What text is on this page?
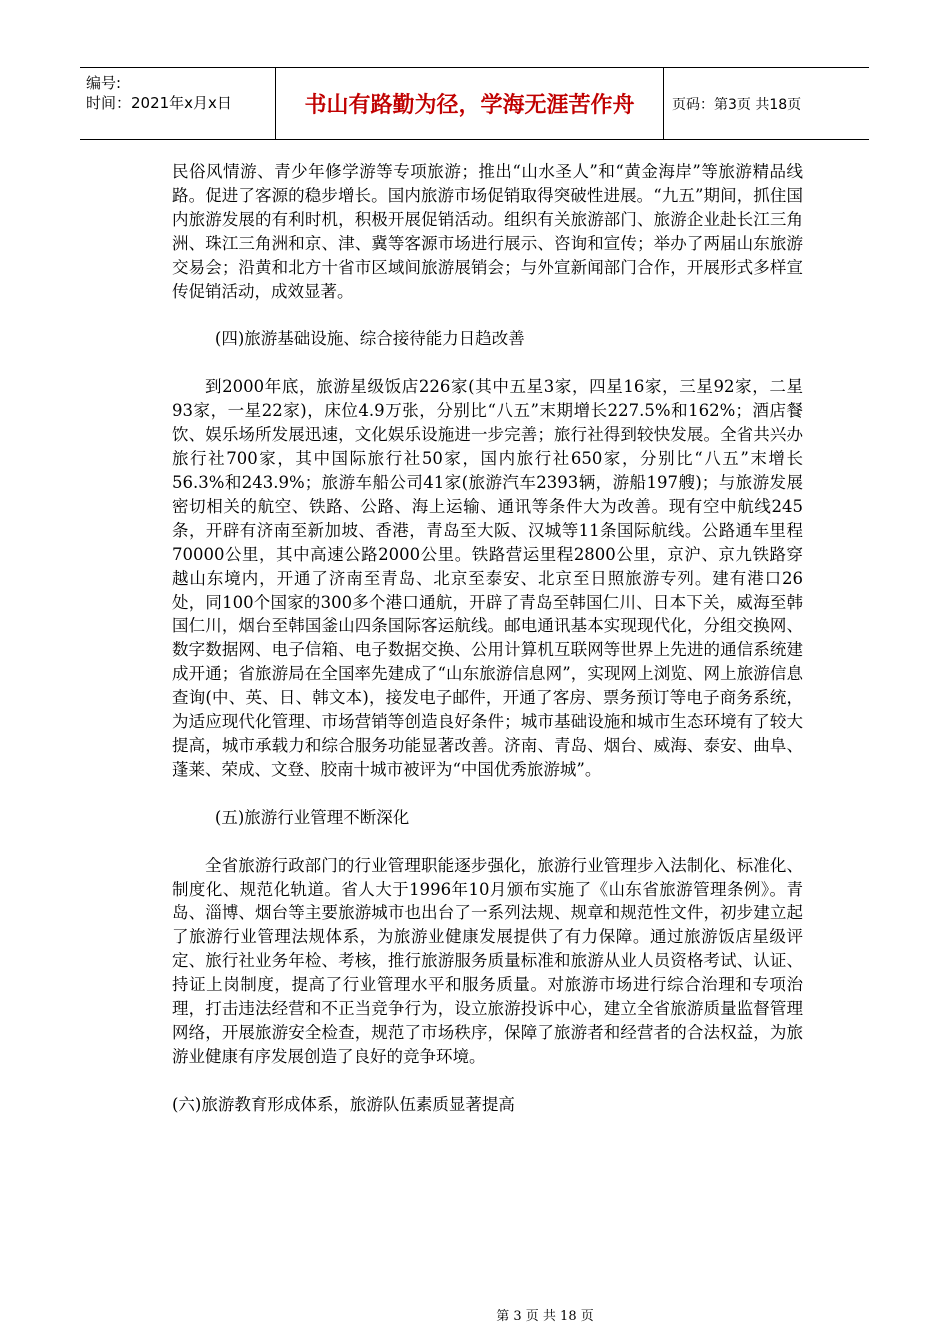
编号:
时间：2021年x月x日	书山有路勤为径，学海无涯苦作舟	页码：第3页 共18页

民俗风情游、青少年修学游等专项旅游；推出“山水圣人”和“黄金海岸”等旅游精品线路。促进了客源的稳步增长。国内旅游市场促销取得突破性进展。“九五”期间，抓住国内旅游发展的有利时机，积极开展促销活动。组织有关旅游部门、旅游企业赴长江三角洲、珠江三角洲和京、津、冀等客源市场进行展示、咨询和宣传；举办了两届山东旅游交易会；沿黄和北方十省市区域间旅游展销会；与外宣新闻部门合作，开展形式多样宣传促销活动，成效显著。

(四)旅游基础设施、综合接待能力日趋改善

到2000年底，旅游星级饭店226家(其中五星3家，四星16家，三星92家，二星93家，一星22家)，床位4.9万张，分别比“八五”末期增长227.5%和162%；酒店餐饮、娱乐场所发展迅速，文化娱乐设施进一步完善；旅行社得到较快发展。全省共兴办旅行社700家，其中国际旅行社50家，国内旅行社650家，分别比“八五”末增长56.3%和243.9%；旅游车船公司41家(旅游汽车2393辆，游船197艘)；与旅游发展密切相关的航空、铁路、公路、海上运输、通讯等条件大为改善。现有空中航线245条，开辟有济南至新加坡、香港，青岛至大阪、汉城等11条国际航线。公路通车里程70000公里，其中高速公路2000公里。铁路营运里程2800公里，京沪、京九铁路穿越山东境内，开通了济南至青岛、北京至泰安、北京至日照旅游专列。建有港口26处，同100个国家的300多个港口通航，开辟了青岛至韩国仁川、日本下关，威海至韩国仁川，烟台至韩国釜山四条国际客运航线。邮电通讯基本实现现代化，分组交换网、数字数据网、电子信箱、电子数据交换、公用计算机互联网等世界上先进的通信系统建成开通；省旅游局在全国率先建成了“山东旅游信息网”，实现网上浏览、网上旅游信息查询(中、英、日、韩文本)，接发电子邮件，开通了客房、票务预订等电子商务系统，为适应现代化管理、市场营销等创造良好条件；城市基础设施和城市生态环境有了较大提高，城市承载力和综合服务功能显著改善。济南、青岛、烟台、威海、泰安、曲阜、蓬莱、荣成、文登、胶南十城市被评为“中国优秀旅游城”。

(五)旅游行业管理不断深化

全省旅游行政部门的行业管理职能逐步强化，旅游行业管理步入法制化、标准化、制度化、规范化轨道。省人大于1996年10月颁布实施了《山东省旅游管理条例》。青岛、淄博、烟台等主要旅游城市也出台了一系列法规、规章和规范性文件，初步建立起了旅游行业管理法规体系，为旅游业健康发展提供了有力保障。通过旅游饭店星级评定、旅行社业务年检、考核，推行旅游服务质量标准和旅游从业人员资格考试、认证、持证上岗制度，提高了行业管理水平和服务质量。对旅游市场进行综合治理和专项治理，打击违法经营和不正当竞争行为，设立旅游投诉中心，建立全省旅游质量监督管理网络，开展旅游安全检查，规范了市场秩序，保障了旅游者和经营者的合法权益，为旅游业健康有序发展创造了良好的竞争环境。

(六)旅游教育形成体系，旅游队伍素质显著提高

第 3 页 共 18 页
